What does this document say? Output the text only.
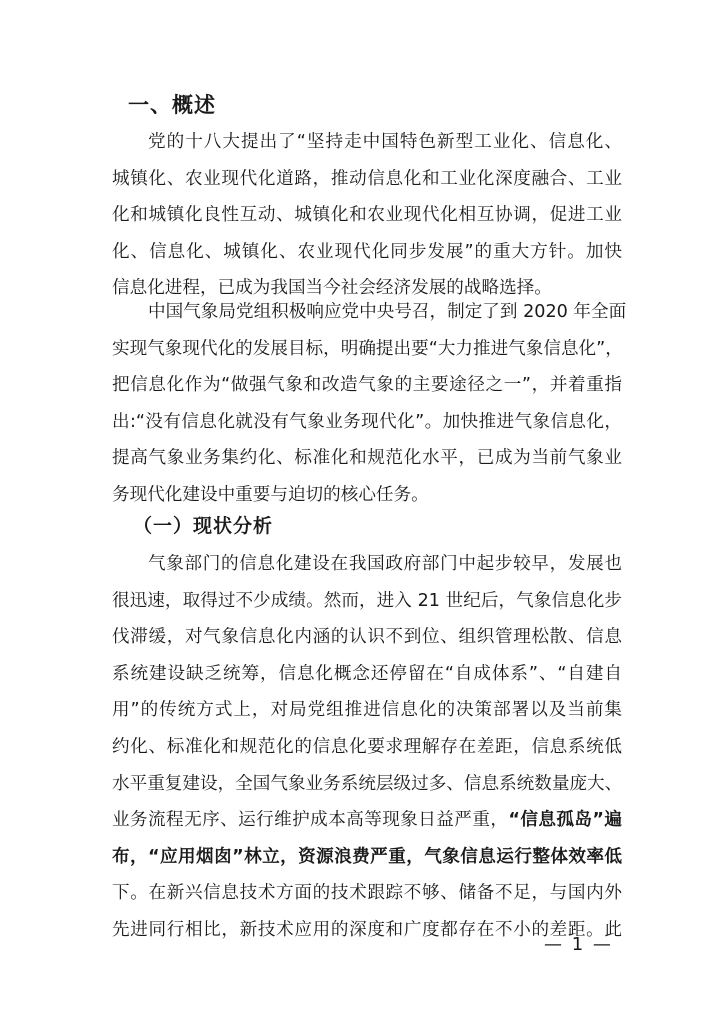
一、概述
党的十八大提出了“坚持走中国特色新型工业化、信息化、
城镇化、农业现代化道路，推动信息化和工业化深度融合、工业
化和城镇化良性互动、城镇化和农业现代化相互协调，促进工业
化、信息化、城镇化、农业现代化同步发展”的重大方针。加快
信息化进程，已成为我国当今社会经济发展的战略选择。
中国气象局党组积极响应党中央号召，制定了到 2020 年全面
实现气象现代化的发展目标，明确提出要“大力推进气象信息化”，
把信息化作为“做强气象和改造气象的主要途径之一”，并着重指
出:“没有信息化就没有气象业务现代化”。加快推进气象信息化，
提高气象业务集约化、标准化和规范化水平，已成为当前气象业
务现代化建设中重要与迫切的核心任务。
（一）现状分析
气象部门的信息化建设在我国政府部门中起步较早，发展也
很迅速，取得过不少成绩。然而，进入 21 世纪后，气象信息化步
伐滞缓，对气象信息化内涵的认识不到位、组织管理松散、信息
系统建设缺乏统筹，信息化概念还停留在“自成体系”、“自建自
用”的传统方式上，对局党组推进信息化的决策部署以及当前集
约化、标准化和规范化的信息化要求理解存在差距，信息系统低
水平重复建设，全国气象业务系统层级过多、信息系统数量庞大、
业务流程无序、运行维护成本高等现象日益严重，“信息孤岛”遍
布，“应用烟囱”林立，资源浪费严重，气象信息运行整体效率低
下。在新兴信息技术方面的技术跟踪不够、储备不足，与国内外
先进同行相比，新技术应用的深度和广度都存在不小的差距。此
— 1 —
